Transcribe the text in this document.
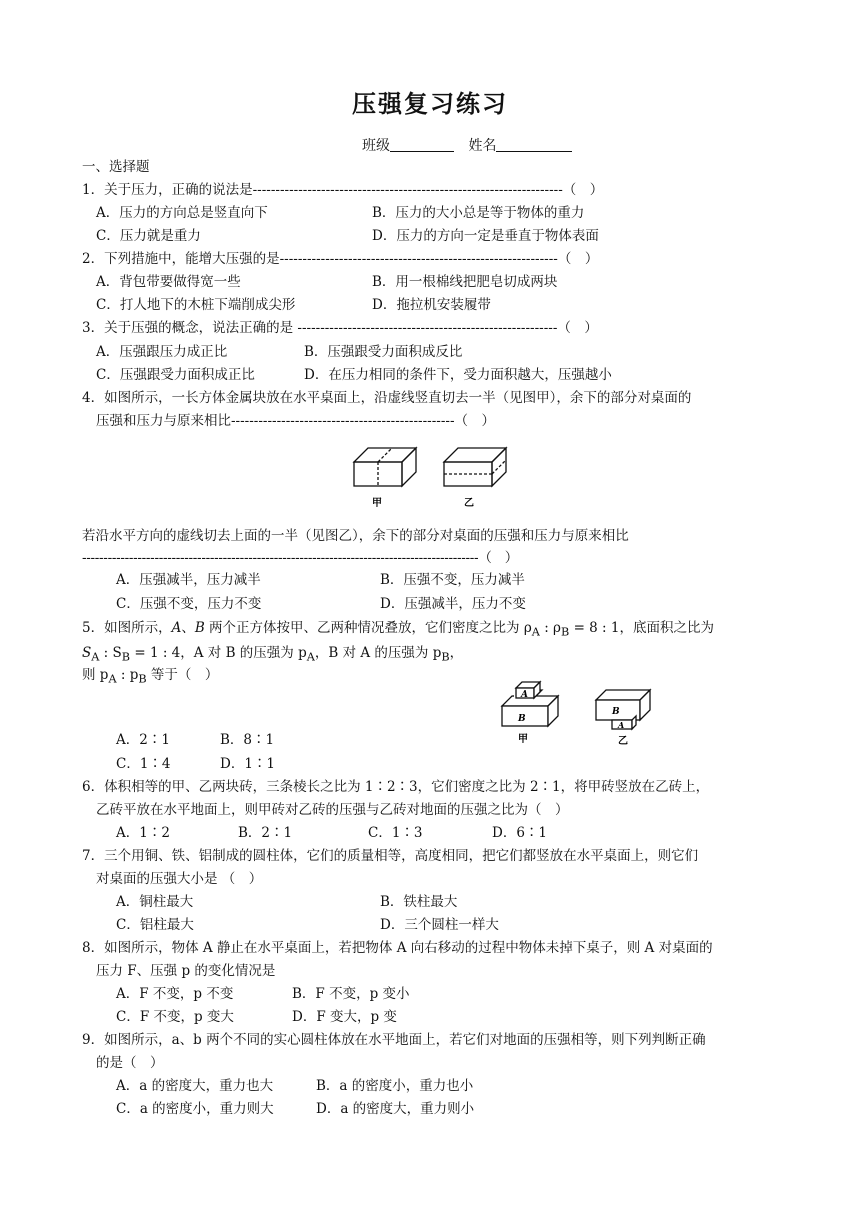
压强复习练习
班级	姓名
一、选择题
1．关于压力，正确的说法是--------------------------------------------------------------------（　）
A．压力的方向总是竖直向下	B．压力的大小总是等于物体的重力
C．压力就是重力	D．压力的方向一定是垂直于物体表面
2．下列措施中，能增大压强的是-------------------------------------------------------------（　）
A．背包带要做得宽一些	B．用一根棉线把肥皂切成两块
C．打人地下的木桩下端削成尖形	D．拖拉机安装履带
3．关于压强的概念，说法正确的是 ---------------------------------------------------------（　）
A．压强跟压力成正比	B．压强跟受力面积成反比
C．压强跟受力面积成正比	D．在压力相同的条件下，受力面积越大，压强越小
4．如图所示，一长方体金属块放在水平桌面上，沿虚线竖直切去一半（见图甲），余下的部分对桌面的
压强和压力与原来相比-------------------------------------------------（　）
甲	乙
若沿水平方向的虚线切去上面的一半（见图乙），余下的部分对桌面的压强和压力与原来相比
---------------------------------------------------------------------------------------------（　）
A．压强减半，压力减半	B．压强不变，压力减半
C．压强不变，压力不变	D．压强减半，压力不变
5．如图所示，A、B 两个正方体按甲、乙两种情况叠放，它们密度之比为 $\rho_A$ : $\rho_B = 8$ : 1，底面积之比为
$S_A$ : $S_B = 1$ : 4，A 对 B 的压强为 $p_A$，B 对 A 的压强为 $p_B$，
则 $p_A$ : $p_B$ 等于（　）
A
B
甲
B
A
乙
A．2∶1	B．8∶1
C．1∶4	D．1∶1
6．体积相等的甲、乙两块砖，三条棱长之比为 1∶2∶3，它们密度之比为 2∶1，将甲砖竖放在乙砖上，
乙砖平放在水平地面上，则甲砖对乙砖的压强与乙砖对地面的压强之比为（　）
A．1∶2	B．2∶1	C．1∶3	D．6∶1
7．三个用铜、铁、铝制成的圆柱体，它们的质量相等，高度相同，把它们都竖放在水平桌面上，则它们
对桌面的压强大小是 （　）
A．铜柱最大	B．铁柱最大
C．铝柱最大	D．三个圆柱一样大
8．如图所示，物体 A 静止在水平桌面上，若把物体 A 向右移动的过程中物体未掉下桌子，则 A 对桌面的
压力 F、压强 p 的变化情况是
A．F 不变，p 不变	B．F 不变，p 变小
C．F 不变，p 变大	D．F 变大，p 变
9．如图所示，a、b 两个不同的实心圆柱体放在水平地面上，若它们对地面的压强相等，则下列判断正确
的是（　）
A．a 的密度大，重力也大	B．a 的密度小，重力也小
C．a 的密度小，重力则大	D．a 的密度大，重力则小
